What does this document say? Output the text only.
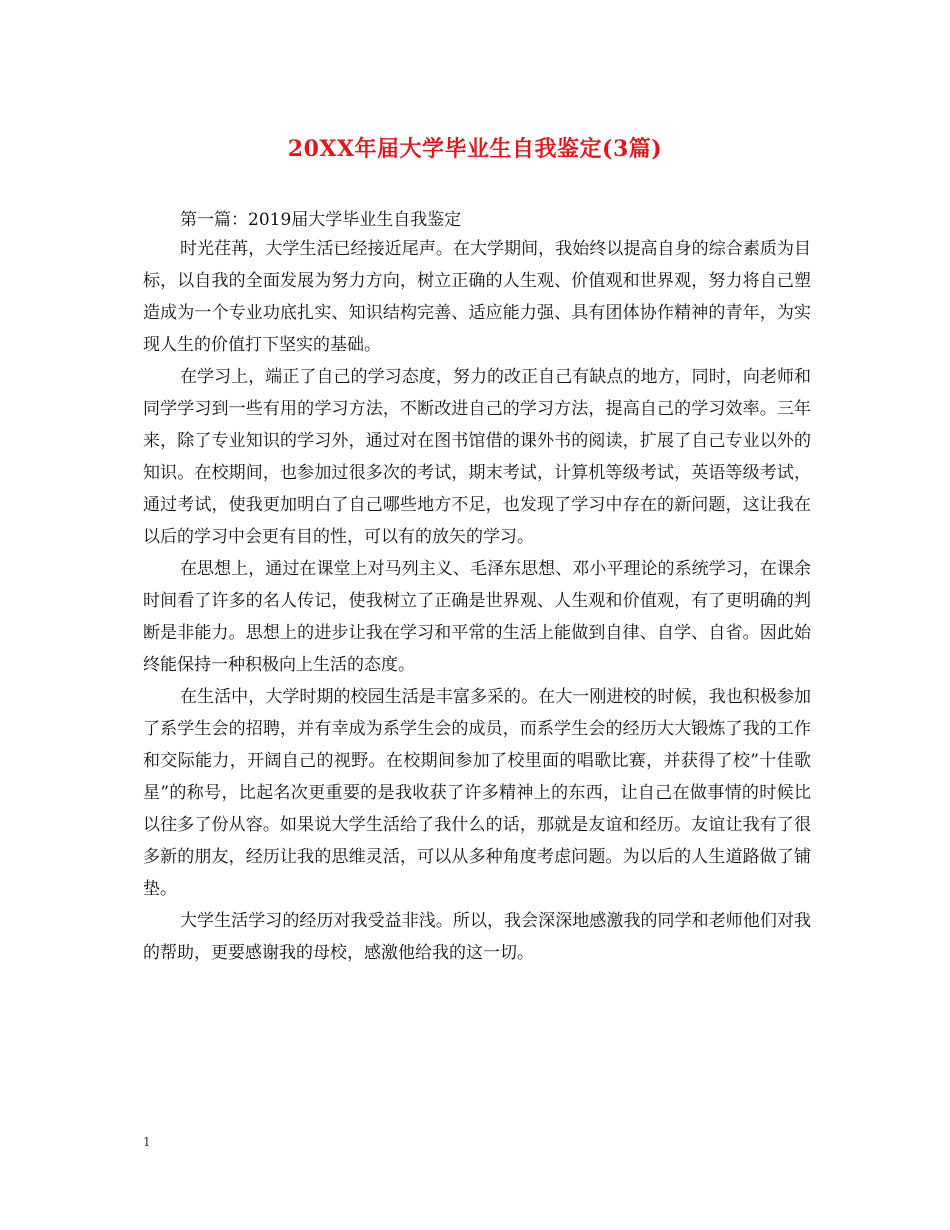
20XX年届大学毕业生自我鉴定(3篇)
第一篇：2019届大学毕业生自我鉴定

时光荏苒，大学生活已经接近尾声。在大学期间，我始终以提高自身的综合素质为目标，以自我的全面发展为努力方向，树立正确的人生观、价值观和世界观，努力将自己塑造成为一个专业功底扎实、知识结构完善、适应能力强、具有团体协作精神的青年，为实现人生的价值打下坚实的基础。

在学习上，端正了自己的学习态度，努力的改正自己有缺点的地方，同时，向老师和同学学习到一些有用的学习方法，不断改进自己的学习方法，提高自己的学习效率。三年来，除了专业知识的学习外，通过对在图书馆借的课外书的阅读，扩展了自己专业以外的知识。在校期间，也参加过很多次的考试，期末考试，计算机等级考试，英语等级考试，通过考试，使我更加明白了自己哪些地方不足，也发现了学习中存在的新问题，这让我在以后的学习中会更有目的性，可以有的放矢的学习。

在思想上，通过在课堂上对马列主义、毛泽东思想、邓小平理论的系统学习，在课余时间看了许多的名人传记，使我树立了正确是世界观、人生观和价值观，有了更明确的判断是非能力。思想上的进步让我在学习和平常的生活上能做到自律、自学、自省。因此始终能保持一种积极向上生活的态度。

在生活中，大学时期的校园生活是丰富多采的。在大一刚进校的时候，我也积极参加了系学生会的招聘，并有幸成为系学生会的成员，而系学生会的经历大大锻炼了我的工作和交际能力，开阔自己的视野。在校期间参加了校里面的唱歌比赛，并获得了校”十佳歌星”的称号，比起名次更重要的是我收获了许多精神上的东西，让自己在做事情的时候比以往多了份从容。如果说大学生活给了我什么的话，那就是友谊和经历。友谊让我有了很多新的朋友，经历让我的思维灵活，可以从多种角度考虑问题。为以后的人生道路做了铺垫。

大学生活学习的经历对我受益非浅。所以，我会深深地感激我的同学和老师他们对我的帮助，更要感谢我的母校，感激他给我的这一切。

1
